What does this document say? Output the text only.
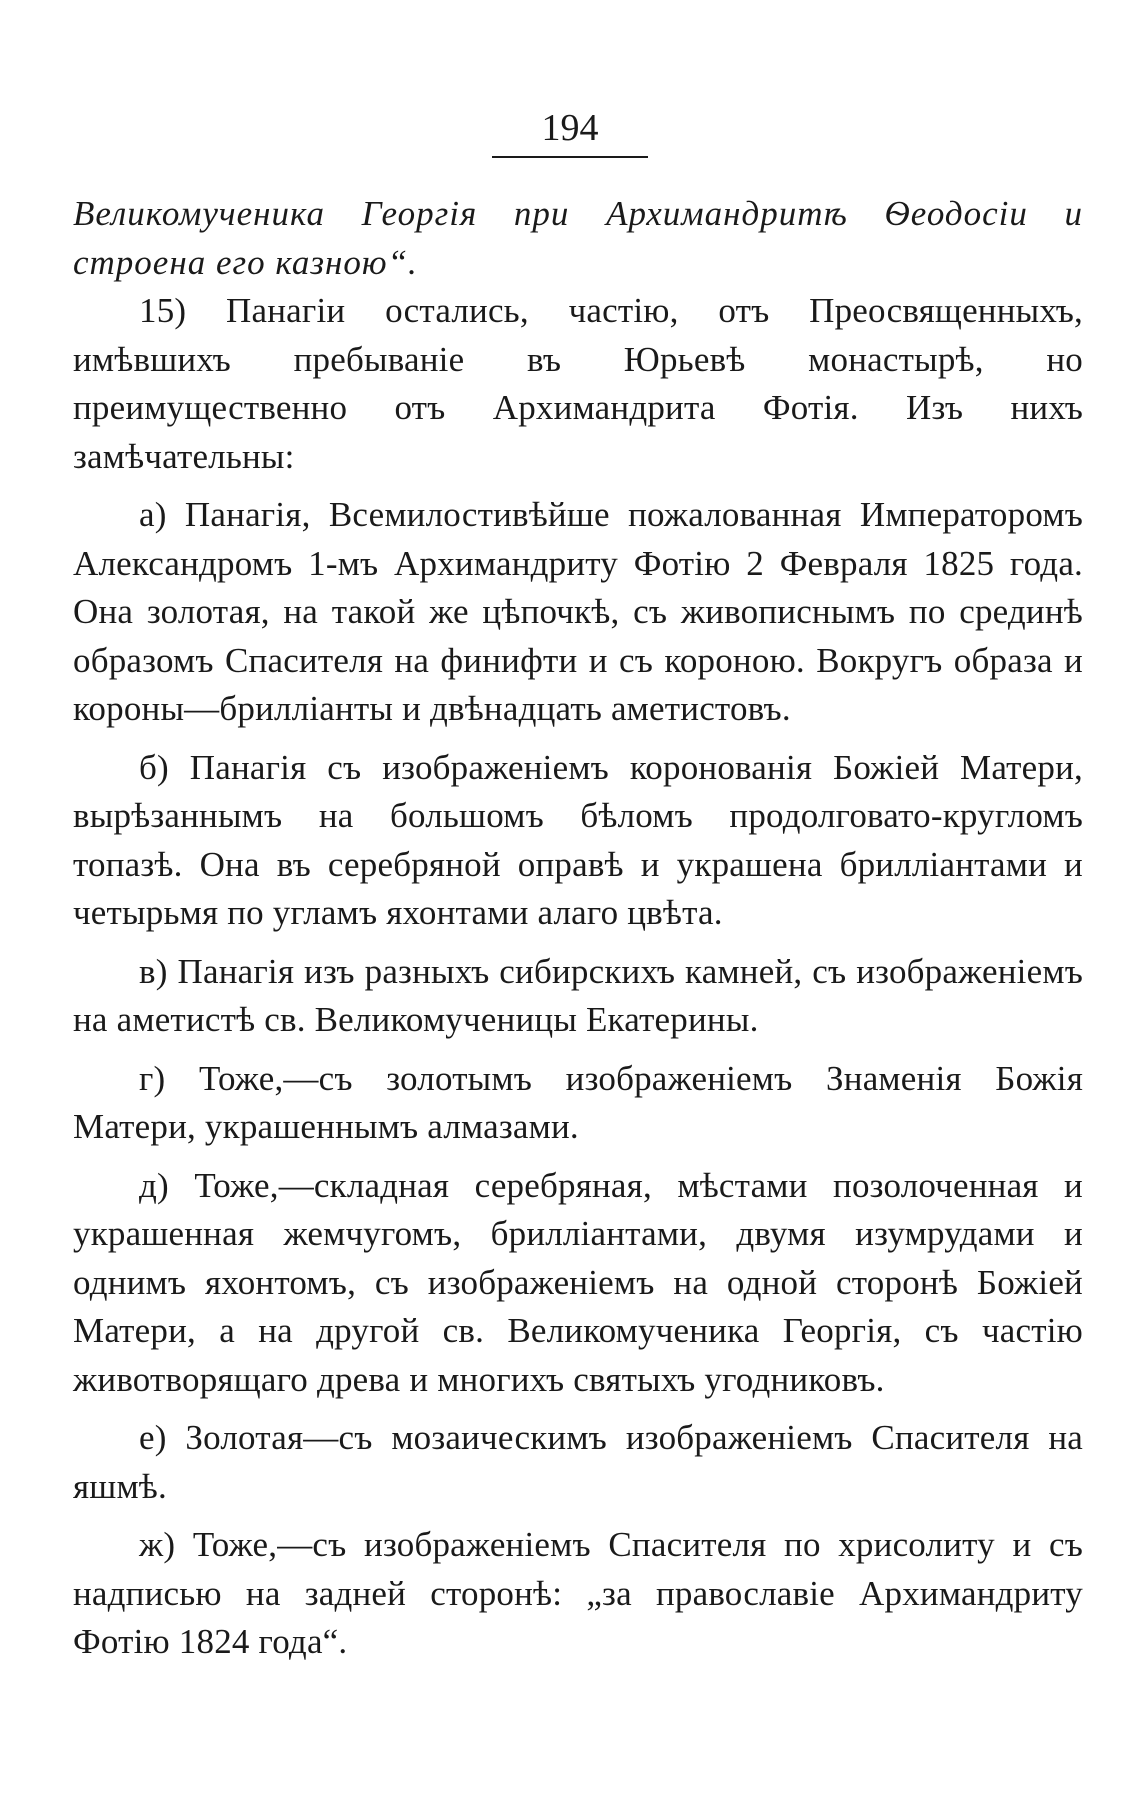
194

Великомученика Георгія при Архимандритѣ Ѳеодосіи и строена его казною“.

15) Панагіи остались, частію, отъ Преосвященныхъ, имѣвшихъ пребываніе въ Юрьевѣ монастырѣ, но преимущественно отъ Архимандрита Фотія. Изъ нихъ замѣчательны:

а) Панагія, Всемилостивѣйше пожалованная Императоромъ Александромъ 1-мъ Архимандриту Фотію 2 Февраля 1825 года. Она золотая, на такой же цѣпочкѣ, съ живописнымъ по срединѣ образомъ Спасителя на финифти и съ короною. Вокругъ образа и короны—брилліанты и двѣнадцать аметистовъ.

б) Панагія съ изображеніемъ коронованія Божіей Матери, вырѣзаннымъ на большомъ бѣломъ продолговато-кругломъ топазѣ. Она въ серебряной оправѣ и украшена брилліантами и четырьмя по угламъ яхонтами алаго цвѣта.

в) Панагія изъ разныхъ сибирскихъ камней, съ изображеніемъ на аметистѣ св. Великомученицы Екатерины.

г) Тоже,—съ золотымъ изображеніемъ Знаменія Божія Матери, украшеннымъ алмазами.

д) Тоже,—складная серебряная, мѣстами позолоченная и украшенная жемчугомъ, брилліантами, двумя изумрудами и однимъ яхонтомъ, съ изображеніемъ на одной сторонѣ Божіей Матери, а на другой св. Великомученика Георгія, съ частію животворящаго древа и многихъ святыхъ угодниковъ.

е) Золотая—съ мозаическимъ изображеніемъ Спасителя на яшмѣ.

ж) Тоже,—съ изображеніемъ Спасителя по хрисолиту и съ надписью на задней сторонѣ: „за православіе Архимандриту Фотію 1824 года“.
